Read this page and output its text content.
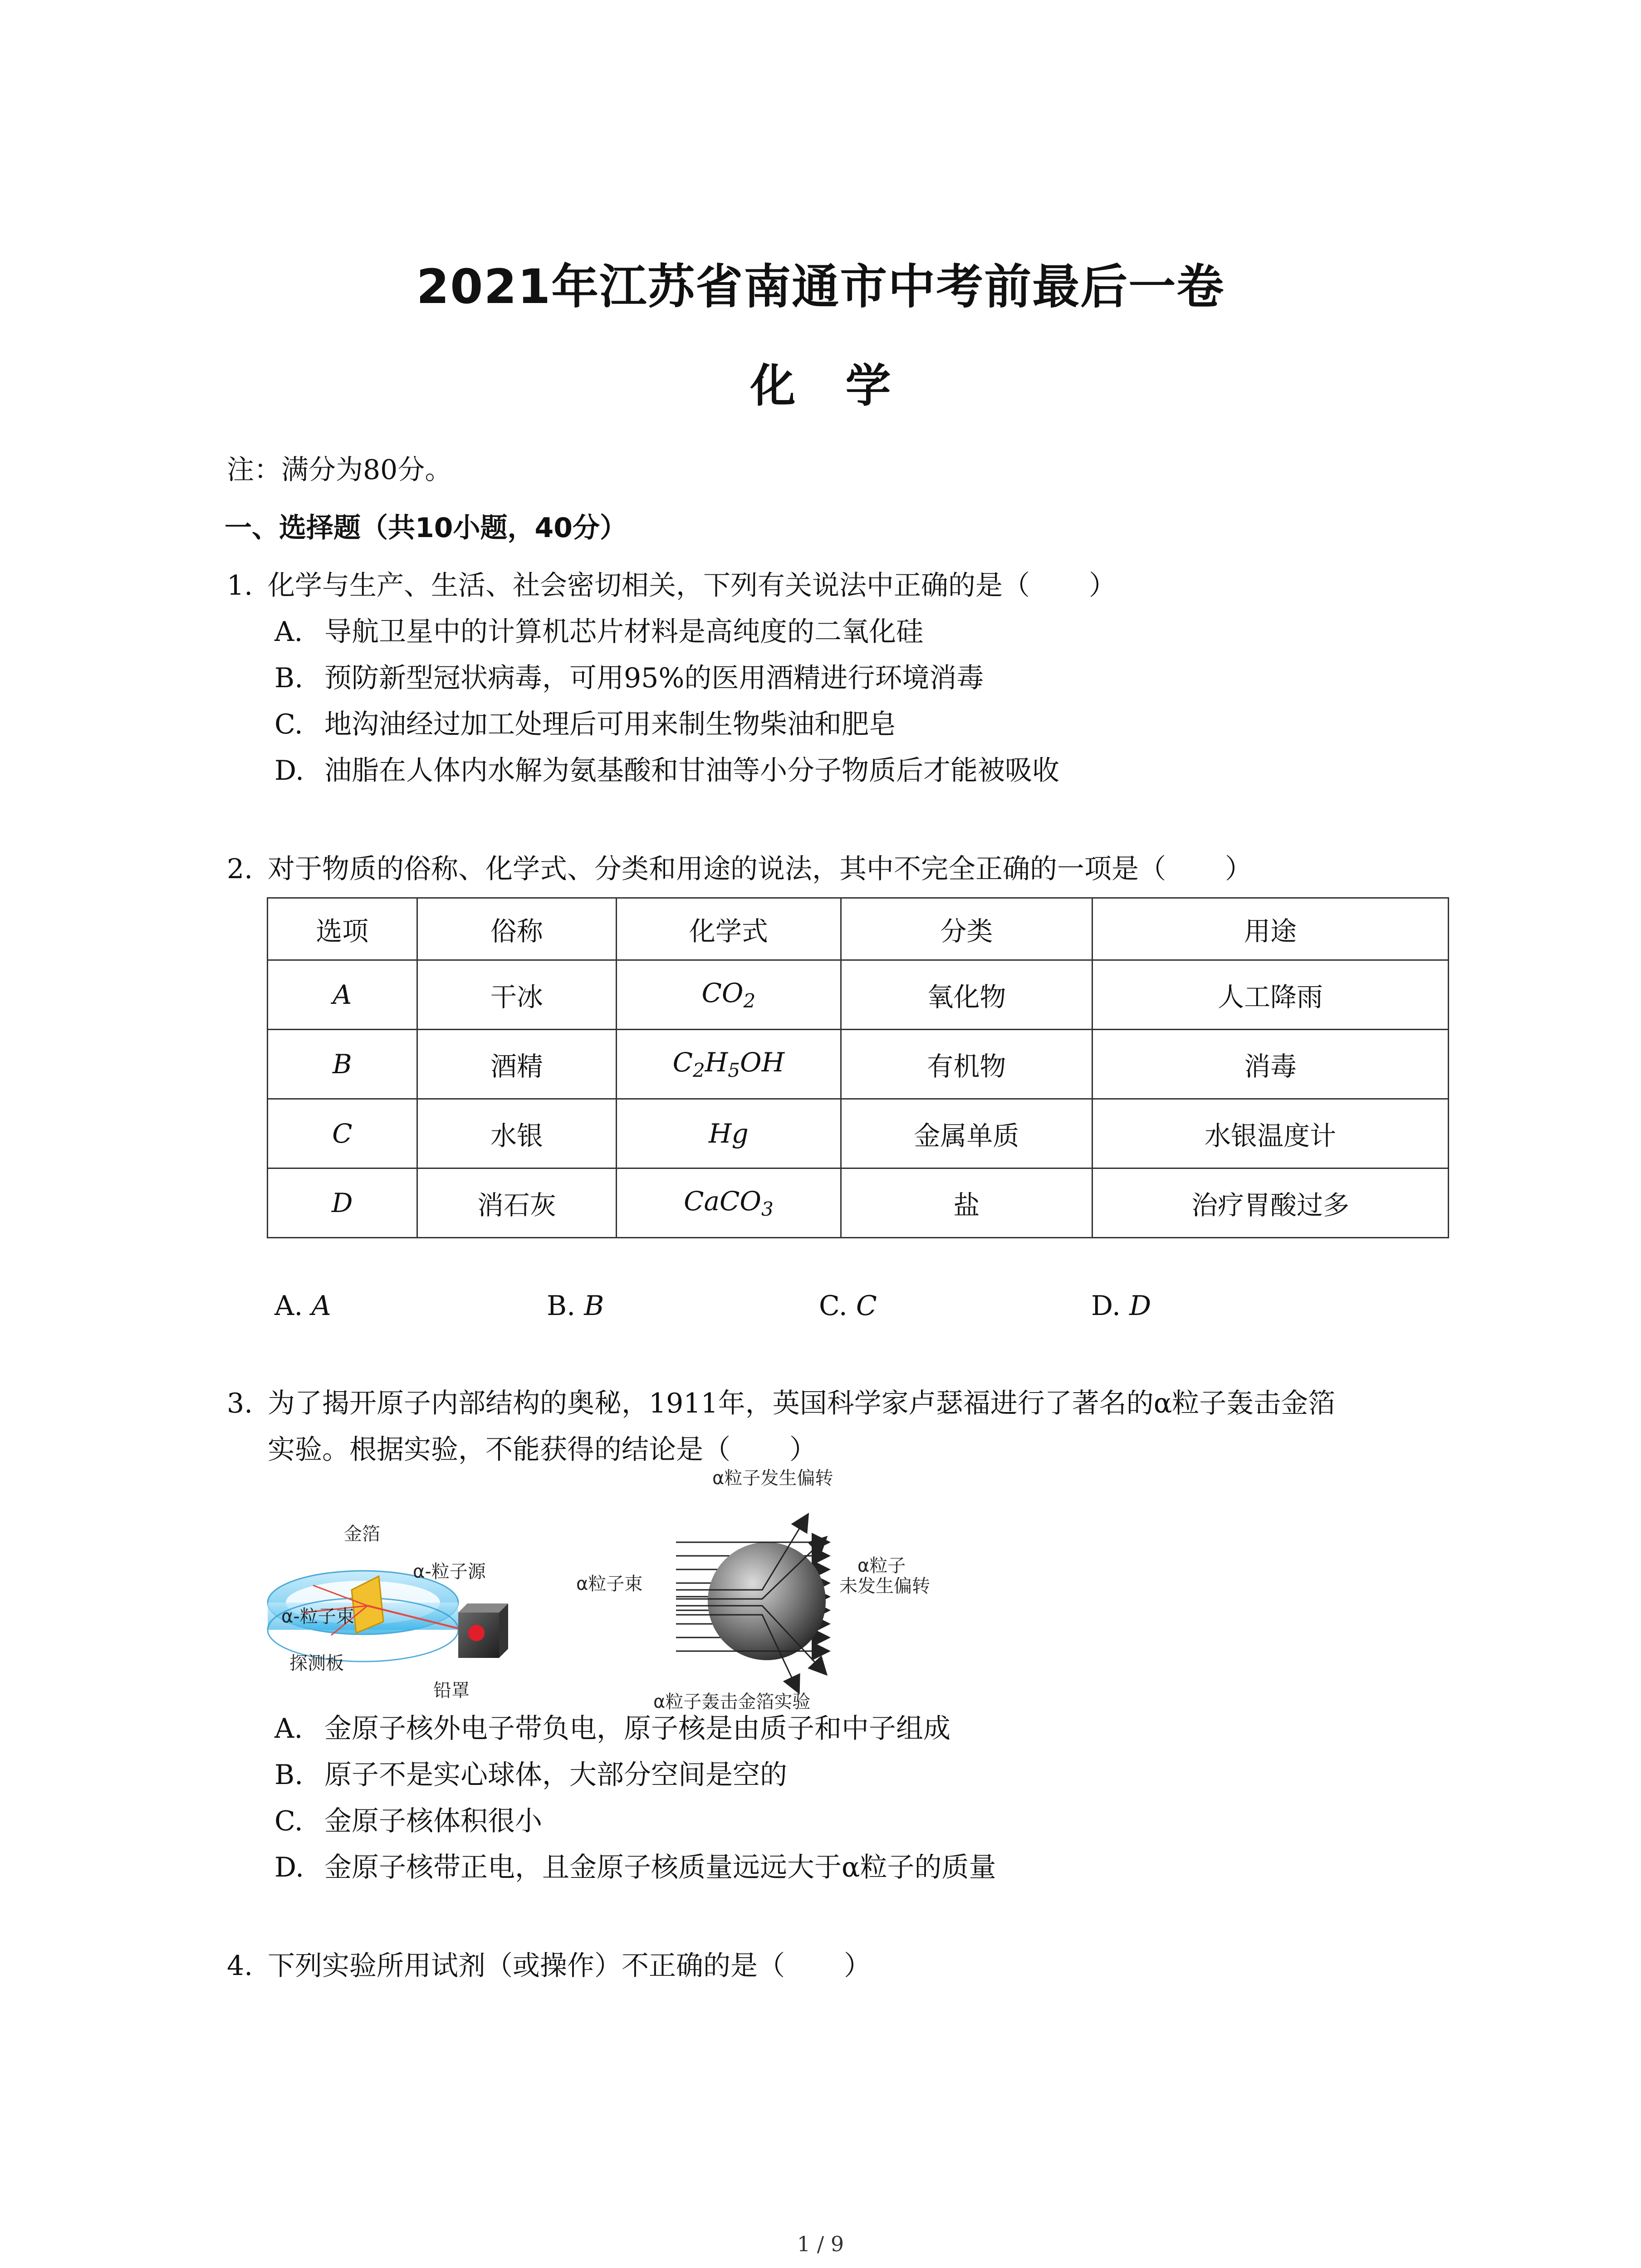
2021年江苏省南通市中考前最后一卷
化学
注：满分为80分。
一、选择题（共10小题，40分）
1. 化学与生产、生活、社会密切相关，下列有关说法中正确的是（ ）
A. 导航卫星中的计算机芯片材料是高纯度的二氧化硅
B. 预防新型冠状病毒，可用95%的医用酒精进行环境消毒
C. 地沟油经过加工处理后可用来制生物柴油和肥皂
D. 油脂在人体内水解为氨基酸和甘油等小分子物质后才能被吸收
2. 对于物质的俗称、化学式、分类和用途的说法，其中不完全正确的一项是（ ）
选项	俗称	化学式	分类	用途
A	干冰	$CO_2$	氧化物	人工降雨
B	酒精	$C_2H_5OH$	有机物	消毒
C	水银	Hg	金属单质	水银温度计
D	消石灰	CaCO$_3$	盐	治疗胃酸过多
A. A	B. B	C. C	D. D
3. 为了揭开原子内部结构的奥秘，1911年，英国科学家卢瑟福进行了著名的α粒子轰击金箔
实验。根据实验，不能获得的结论是（ ）
金箔
α-粒子源
α-粒子束
探测板
铅罩
α粒子发生偏转
α粒子束
α粒子
未发生偏转
α粒子轰击金箔实验
A. 金原子核外电子带负电，原子核是由质子和中子组成
B. 原子不是实心球体，大部分空间是空的
C. 金原子核体积很小
D. 金原子核带正电，且金原子核质量远远大于α粒子的质量
4. 下列实验所用试剂（或操作）不正确的是（ ）
1 / 9
